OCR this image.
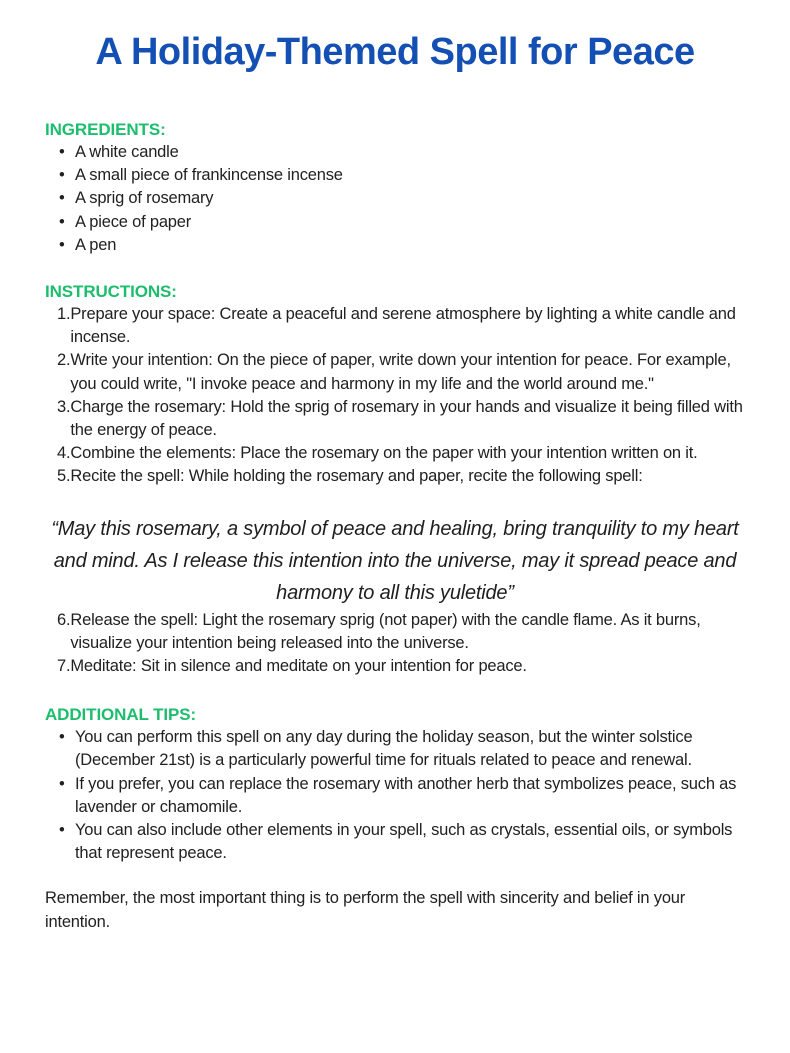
A Holiday-Themed Spell for Peace
INGREDIENTS:
• A white candle
• A small piece of frankincense incense
• A sprig of rosemary
• A piece of paper
• A pen
INSTRUCTIONS:
1. Prepare your space: Create a peaceful and serene atmosphere by lighting a white candle and incense.
2. Write your intention: On the piece of paper, write down your intention for peace. For example, you could write, "I invoke peace and harmony in my life and the world around me."
3. Charge the rosemary: Hold the sprig of rosemary in your hands and visualize it being filled with the energy of peace.
4. Combine the elements: Place the rosemary on the paper with your intention written on it.
5. Recite the spell: While holding the rosemary and paper, recite the following spell:
“May this rosemary, a symbol of peace and healing, bring tranquility to my heart and mind. As I release this intention into the universe, may it spread peace and harmony to all this yuletide”
6. Release the spell: Light the rosemary sprig (not paper) with the candle flame. As it burns, visualize your intention being released into the universe.
7. Meditate: Sit in silence and meditate on your intention for peace.
ADDITIONAL TIPS:
• You can perform this spell on any day during the holiday season, but the winter solstice (December 21st) is a particularly powerful time for rituals related to peace and renewal.
• If you prefer, you can replace the rosemary with another herb that symbolizes peace, such as lavender or chamomile.
• You can also include other elements in your spell, such as crystals, essential oils, or symbols that represent peace.
Remember, the most important thing is to perform the spell with sincerity and belief in your intention.
